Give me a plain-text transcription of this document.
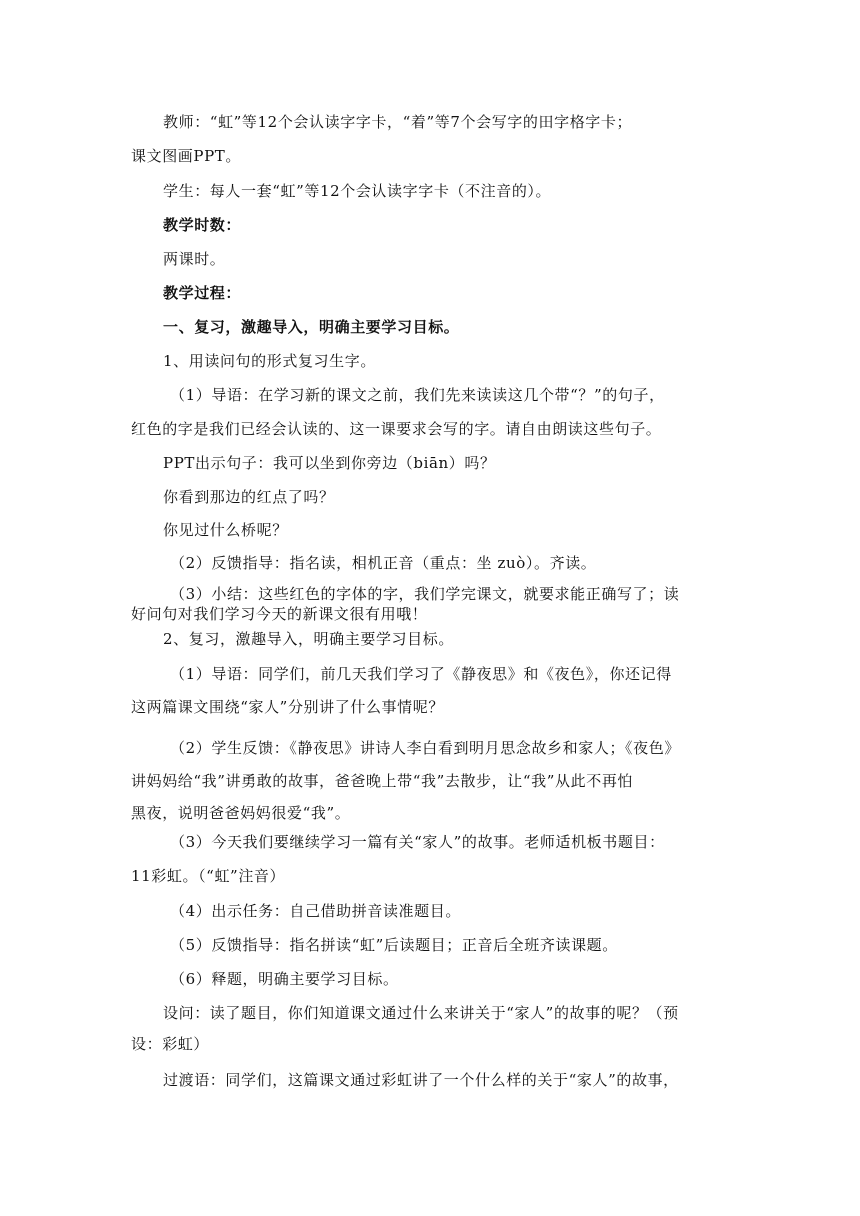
教师：“虹”等12个会认读字字卡，“着”等7个会写字的田字格字卡；
课文图画PPT。
学生：每人一套“虹”等12个会认读字字卡（不注音的）。
教学时数：
两课时。
教学过程：
一、复习，激趣导入，明确主要学习目标。
1、用读问句的形式复习生字。
（1）导语：在学习新的课文之前，我们先来读读这几个带“？”的句子，
红色的字是我们已经会认读的、这一课要求会写的字。请自由朗读这些句子。
PPT出示句子：我可以坐到你旁边（biān）吗？
你看到那边的红点了吗？
你见过什么桥呢？
（2）反馈指导：指名读，相机正音（重点：坐 zuò）。齐读。
（3）小结：这些红色的字体的字，我们学完课文，就要求能正确写了；读
好问句对我们学习今天的新课文很有用哦！
2、复习，激趣导入，明确主要学习目标。
（1）导语：同学们，前几天我们学习了《静夜思》和《夜色》，你还记得
这两篇课文围绕“家人”分别讲了什么事情呢？
（2）学生反馈：《静夜思》讲诗人李白看到明月思念故乡和家人；《夜色》
讲妈妈给“我”讲勇敢的故事，爸爸晚上带“我”去散步，让“我”从此不再怕
黑夜，说明爸爸妈妈很爱“我”。
（3）今天我们要继续学习一篇有关“家人”的故事。老师适机板书题目：
11彩虹。（“虹”注音）
（4）出示任务：自己借助拼音读准题目。
（5）反馈指导：指名拼读“虹”后读题目；正音后全班齐读课题。
（6）释题，明确主要学习目标。
设问：读了题目，你们知道课文通过什么来讲关于“家人”的故事的呢？（预
设：彩虹）
过渡语：同学们，这篇课文通过彩虹讲了一个什么样的关于“家人”的故事，
